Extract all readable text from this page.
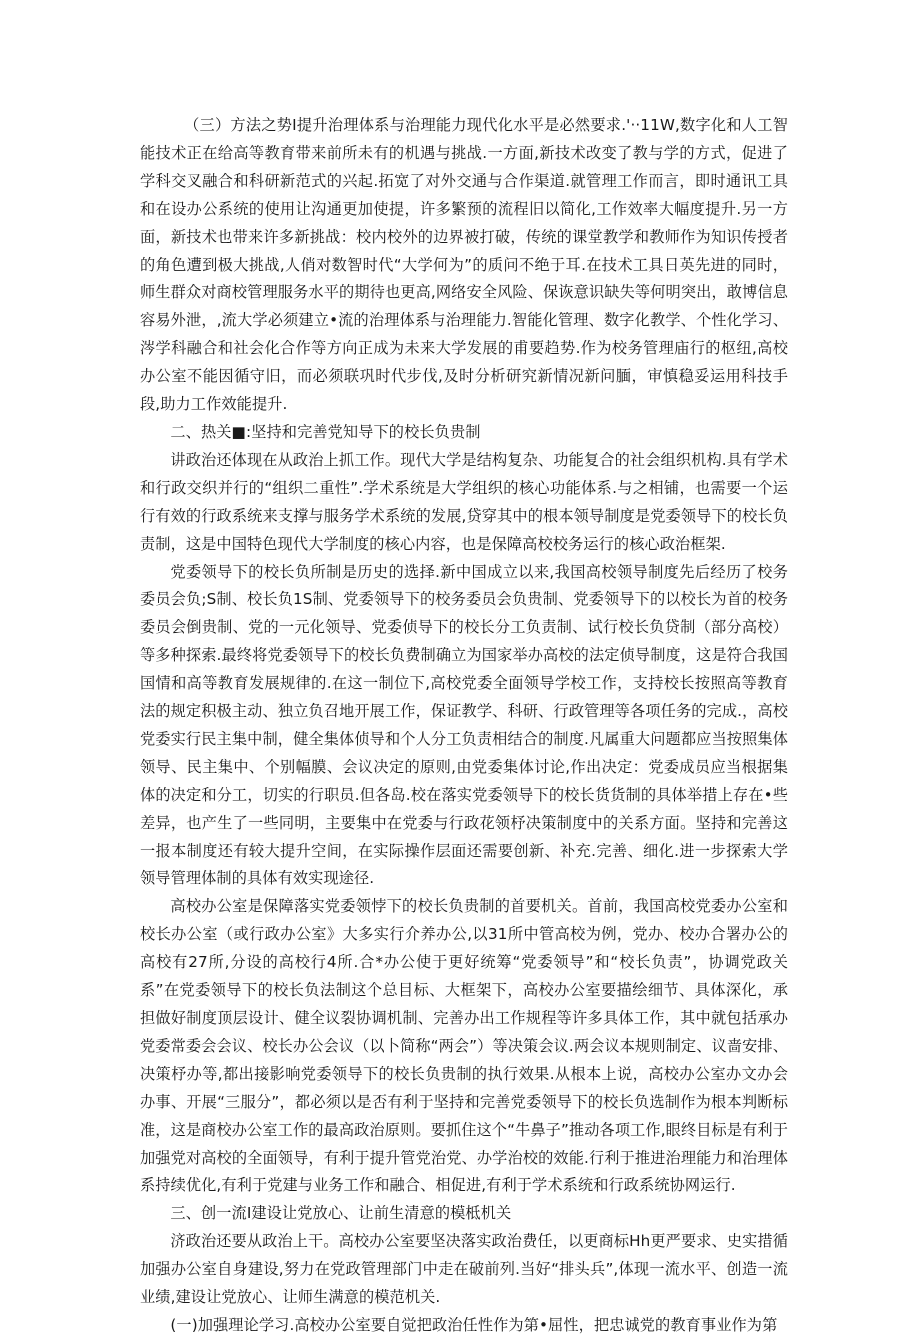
（三）方法之势I提升治理体系与治理能力现代化水平是必然要求.'··11W,数字化和人工智能技术正在给高等教育带来前所未有的机遇与挑战.一方面,新技术改变了教与学的方式，促进了学科交叉融合和科研新范式的兴起.拓宽了对外交通与合作渠道.就管理工作而言，即时通讯工具和在设办公系统的使用让沟通更加使提，许多繁预的流程旧以简化,工作效率大幅度提升.另一方面，新技术也带来许多新挑战：校内校外的边界被打破，传统的课堂教学和教师作为知识传授者的角色遭到极大挑战,人俏对数智时代“大学何为”的质问不绝于耳.在技术工具日英先进的同时，师生群众对商校管理服务水平的期待也更高,网络安全风险、保诙意识缺失等何明突出，敢博信息容易外泄，,流大学必须建立•流的治理体系与治理能力.智能化管理、数字化教学、个性化学习、涔学科融合和社会化合作等方向正成为未来大学发展的甫要趋势.作为校务管理庙行的枢纽,高校办公室不能因循守旧，而必须联巩时代步伐,及时分析研究新情况新问腼，审慎稳妥运用科技手段,助力工作效能提升.

二、热关■:坚持和完善党知导下的校长负贵制

讲政治还体现在从政治上抓工作。现代大学是结构复杂、功能复合的社会组织机构.具有学术和行政交织并行的“组织二重性”.学术系统是大学组织的核心功能体系.与之相铺，也需要一个运行有效的行政系统来支撑与服务学术系统的发展,贷穿其中的根本领导制度是党委领导下的校长负责制，这是中国特色现代大学制度的核心内容，也是保障高校校务运行的核心政治框架.

党委领导下的校长负所制是历史的选择.新中国成立以来,我国高校领导制度先后经历了校务委员会负;S制、校长负1S制、党委领导下的校务委员会负贵制、党委领导下的以校长为首的校务委员会倒贵制、党的一元化领导、党委侦导下的校长分工负责制、试行校长负贷制（部分高校）等多种探索.最终将党委领导下的校长负费制确立为国家举办高校的法定侦导制度，这是符合我国国情和高等教育发展规律的.在这一制位下,高校党委全面领导学校工作，支持校长按照高等教育法的规定积极主动、独立负召地开展工作，保证教学、科研、行政管理等各项任务的完成.，高校党委实行民主集中制，健全集体侦导和个人分工负责相结合的制度.凡属重大问题都应当按照集体领导、民主集中、个别幅膜、会议决定的原则,由党委集体讨论,作出决定：党委成员应当根据集体的决定和分工，切实的行职员.但各岛.校在落实党委领导下的校长货货制的具体举措上存在•些差异，也产生了一些同明，主要集中在党委与行政花领杼决策制度中的关系方面。坚持和完善这一报本制度还有较大提升空间，在实际操作层面还需要创新、补充.完善、细化.进一步探索大学领导管理体制的具体有效实现途径.

高校办公室是保障落实党委领悖下的校长负贵制的首要机关。首前，我国高校党委办公室和校长办公室（或行政办公室》大多实行介养办公,以31所中管高校为例，党办、校办合署办公的高校有27所,分设的高校行4所.合*办公使于更好统筹“党委领导”和“校长负责”，协调党政关系”在党委领导下的校长负法制这个总目标、大框架下，高校办公室要描绘细节、具体深化，承担做好制度顶层设计、健全议裂协调机制、完善办出工作规程等许多具体工作，其中就包括承办党委常委会会议、校长办公会议（以卜简称“两会”）等决策会议.两会议本规则制定、议啬安排、决策杼办等,都出接影响党委领导下的校长负贵制的执行效果.从根本上说，高校办公室办文办会办事、开展“三服分”，都必须以是否有利于坚持和完善党委领导下的校长负选制作为根本判断标准，这是商校办公室工作的最高政治原则。要抓住这个“牛鼻子”推动各项工作,眼终目标是有利于加强党对高校的全面领导，有利于提升管党治党、办学治校的效能.行利于推进治理能力和治理体系持续优化,有利于党建与业务工作和融合、相促进,有利于学术系统和行政系统协网运行.

三、创一流I建设让党放心、让前生清意的模柢机关

济政治还要从政治上干。高校办公室要坚决落实政治费任，以更商标Hh更严要求、史实措循加强办公室自身建设,努力在党政管理部门中走在破前列.当好“排头兵”,体现一流水平、创造一流业绩,建设让党放心、让师生满意的模范机关.

(一)加强理论学习.高校办公室要自觉把政治任性作为第•屈性，把忠诚党的教育事业作为第
